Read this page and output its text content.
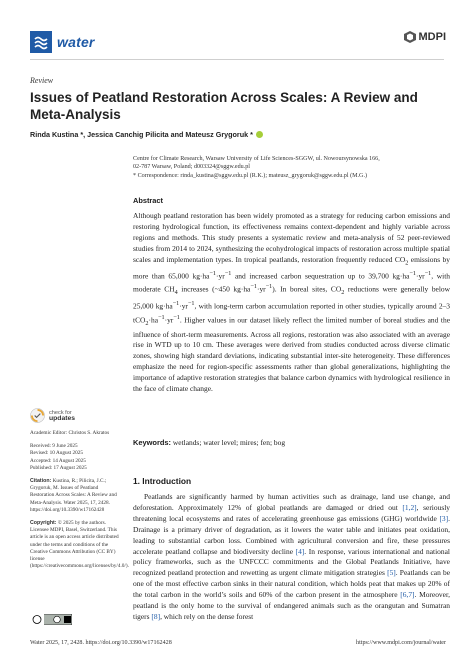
water	MDPI
Review
Issues of Peatland Restoration Across Scales: A Review and Meta-Analysis
Rinda Kustina *, Jessica Canchig Pilicita and Mateusz Grygoruk *
Centre for Climate Research, Warsaw University of Life Sciences-SGGW, ul. Nowoursynowska 166,
02-787 Warsaw, Poland; d003324@sggw.edu.pl
* Correspondence: rinda_kustina@sggw.edu.pl (R.K.); mateusz_grygoruk@sggw.edu.pl (M.G.)
Abstract
Although peatland restoration has been widely promoted as a strategy for reducing carbon emissions and restoring hydrological function, its effectiveness remains context-dependent and highly variable across regions and methods. This study presents a systematic review and meta-analysis of 52 peer-reviewed studies from 2014 to 2024, synthesizing the ecohydrological impacts of restoration across multiple spatial scales and implementation types. In tropical peatlands, restoration frequently reduced $CO_2$ emissions by more than 65,000 $kg\cdot ha^{-1}\cdot yr^{-1}$ and increased carbon sequestration up to 39,700 $kg\cdot ha^{-1}\cdot yr^{-1}$, with moderate $CH_4$ increases (~450 $kg\cdot ha^{-1}\cdot yr^{-1}$). In boreal sites, $CO_2$ reductions were generally below 25,000 $kg\cdot ha^{-1}\cdot yr^{-1}$, with long-term carbon accumulation reported in other studies, typically around 2–3 $tCO_2\cdot ha^{-1}\cdot yr^{-1}$. Higher values in our dataset likely reflect the limited number of boreal studies and the influence of short-term measurements. Across all regions, restoration was also associated with an average rise in WTD up to 10 cm. These averages were derived from studies conducted across diverse climatic zones, showing high standard deviations, indicating substantial inter-site heterogeneity. These differences emphasize the need for region-specific assessments rather than global generalizations, highlighting the importance of adaptive restoration strategies that balance carbon dynamics with hydrological resilience in the face of climate change.
Keywords: wetlands; water level; mires; fen; bog
check for
updates
Academic Editor: Christos S. Akratos
Received: 9 June 2025
Revised: 10 August 2025
Accepted: 14 August 2025
Published: 17 August 2025
Citation: Kustina, R.; Pilicita, J.C.; Grygoruk, M. Issues of Peatland Restoration Across Scales: A Review and Meta-Analysis. Water 2025, 17, 2428. https://doi.org/10.3390/w17162428
Copyright: © 2025 by the authors. Licensee MDPI, Basel, Switzerland. This article is an open access article distributed under the terms and conditions of the Creative Commons Attribution (CC BY) license (https://creativecommons.org/licenses/by/4.0/).
1. Introduction
Peatlands are significantly harmed by human activities such as drainage, land use change, and deforestation. Approximately 12% of global peatlands are damaged or dried out [1,2], seriously threatening local ecosystems and rates of accelerating greenhouse gas emissions (GHG) worldwide [3]. Drainage is a primary driver of degradation, as it lowers the water table and initiates peat oxidation, leading to substantial carbon loss. Combined with agricultural conversion and fire, these pressures accelerate peatland collapse and biodiversity decline [4]. In response, various international and national policy frameworks, such as the UNFCCC commitments and the Global Peatlands Initiative, have recognized peatland protection and rewetting as urgent climate mitigation strategies [5]. Peatlands can be one of the most effective carbon sinks in their natural condition, which holds peat that makes up 20% of the total carbon in the world’s soils and 60% of the carbon present in the atmosphere [6,7]. Moreover, peatland is the only home to the survival of endangered animals such as the orangutan and Sumatran tigers [8], which rely on the dense forest
Water 2025, 17, 2428. https://doi.org/10.3390/w17162428	https://www.mdpi.com/journal/water
